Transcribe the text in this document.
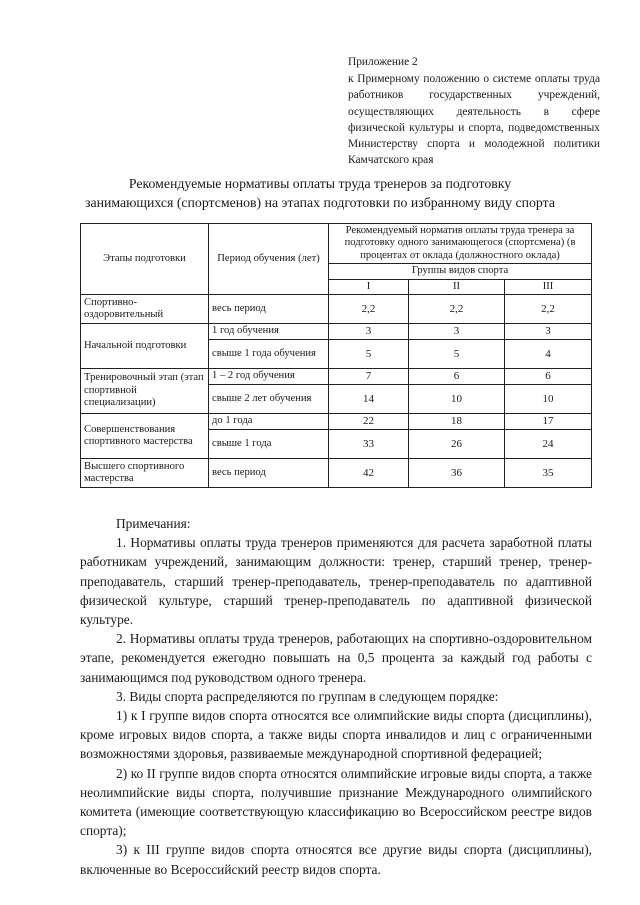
Приложение 2
к Примерному положению о системе оплаты труда работников государственных учреждений, осуществляющих деятельность в сфере физической культуры и спорта, подведомственных Министерству спорта и молодежной политики Камчатского края
Рекомендуемые нормативы оплаты труда тренеров за подготовку
занимающихся (спортсменов) на этапах подготовки по избранному виду спорта
Этапы подготовки	Период обучения (лет)	Рекомендуемый норматив оплаты труда тренера за подготовку одного занимающегося (спортсмена) (в процентах от оклада (должностного оклада)		
		Группы видов спорта		
		I	II	III
Спортивно-оздоровительный	весь период	2,2	2,2	2,2
Начальной подготовки	1 год обучения	3	3	3
	свыше 1 года обучения	5	5	4
Тренировочный этап (этап спортивной специализации)	1 – 2 год обучения	7	6	6
	свыше 2 лет обучения	14	10	10
Совершенствования спортивного мастерства	до 1 года	22	18	17
	свыше 1 года	33	26	24
Высшего спортивного мастерства	весь период	42	36	35
Примечания:

1. Нормативы оплаты труда тренеров применяются для расчета заработной платы работникам учреждений, занимающим должности: тренер, старший тренер, тренер-преподаватель, старший тренер-преподаватель, тренер-преподаватель по адаптивной физической культуре, старший тренер-преподаватель по адаптивной физической культуре.

2. Нормативы оплаты труда тренеров, работающих на спортивно-оздоровительном этапе, рекомендуется ежегодно повышать на 0,5 процента за каждый год работы с занимающимся под руководством одного тренера.

3. Виды спорта распределяются по группам в следующем порядке:

1) к I группе видов спорта относятся все олимпийские виды спорта (дисциплины), кроме игровых видов спорта, а также виды спорта инвалидов и лиц с ограниченными возможностями здоровья, развиваемые международной спортивной федерацией;

2) ко II группе видов спорта относятся олимпийские игровые виды спорта, а также неолимпийские виды спорта, получившие признание Международного олимпийского комитета (имеющие соответствующую классификацию во Всероссийском реестре видов спорта);

3) к III группе видов спорта относятся все другие виды спорта (дисциплины), включенные во Всероссийский реестр видов спорта.
